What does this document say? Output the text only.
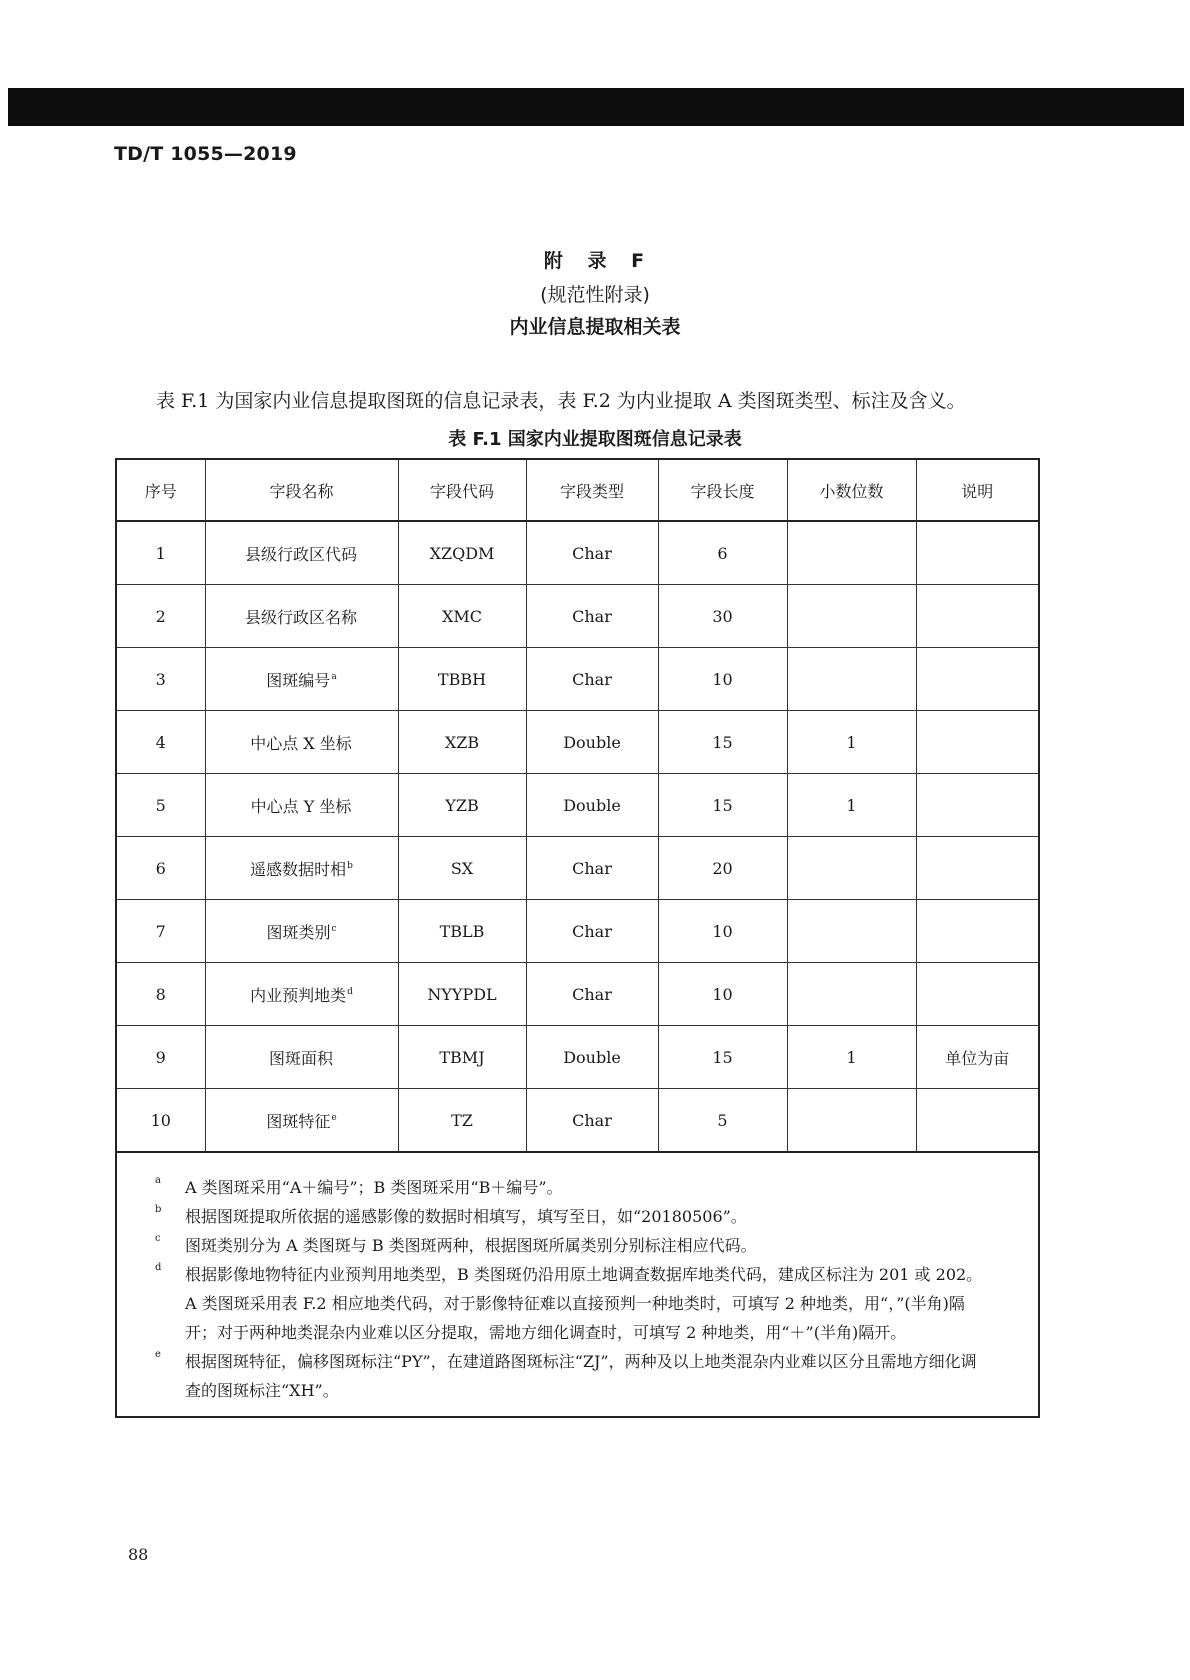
TD/T 1055—2019
附 录 F
(规范性附录)
内业信息提取相关表
表 F.1 为国家内业信息提取图斑的信息记录表，表 F.2 为内业提取 A 类图斑类型、标注及含义。
表 F.1 国家内业提取图斑信息记录表
序号	字段名称	字段代码	字段类型	字段长度	小数位数	说明
1	县级行政区代码	XZQDM	Char	6		
2	县级行政区名称	XMC	Char	30		
3	图斑编号$^a$	TBBH	Char	10		
4	中心点 X 坐标	XZB	Double	15	1	
5	中心点 Y 坐标	YZB	Double	15	1	
6	遥感数据时相$^b$	SX	Char	20		
7	图斑类别$^c$	TBLB	Char	10		
8	内业预判地类$^d$	NYYPDL	Char	10		
9	图斑面积	TBMJ	Double	15	1	单位为亩
10	图斑特征$^e$	TZ	Char	5		
a A 类图斑采用“A＋编号”；B 类图斑采用“B＋编号”。
b 根据图斑提取所依据的遥感影像的数据时相填写，填写至日，如“20180506”。
c 图斑类别分为 A 类图斑与 B 类图斑两种，根据图斑所属类别分别标注相应代码。
d 根据影像地物特征内业预判用地类型，B 类图斑仍沿用原土地调查数据库地类代码，建成区标注为 201 或 202。
A 类图斑采用表 F.2 相应地类代码，对于影像特征难以直接预判一种地类时，可填写 2 种地类，用“，”(半角)隔
开；对于两种地类混杂内业难以区分提取，需地方细化调查时，可填写 2 种地类，用“＋”(半角)隔开。
e 根据图斑特征，偏移图斑标注“PY”，在建道路图斑标注“ZJ”，两种及以上地类混杂内业难以区分且需地方细化调
查的图斑标注“XH”。
88
